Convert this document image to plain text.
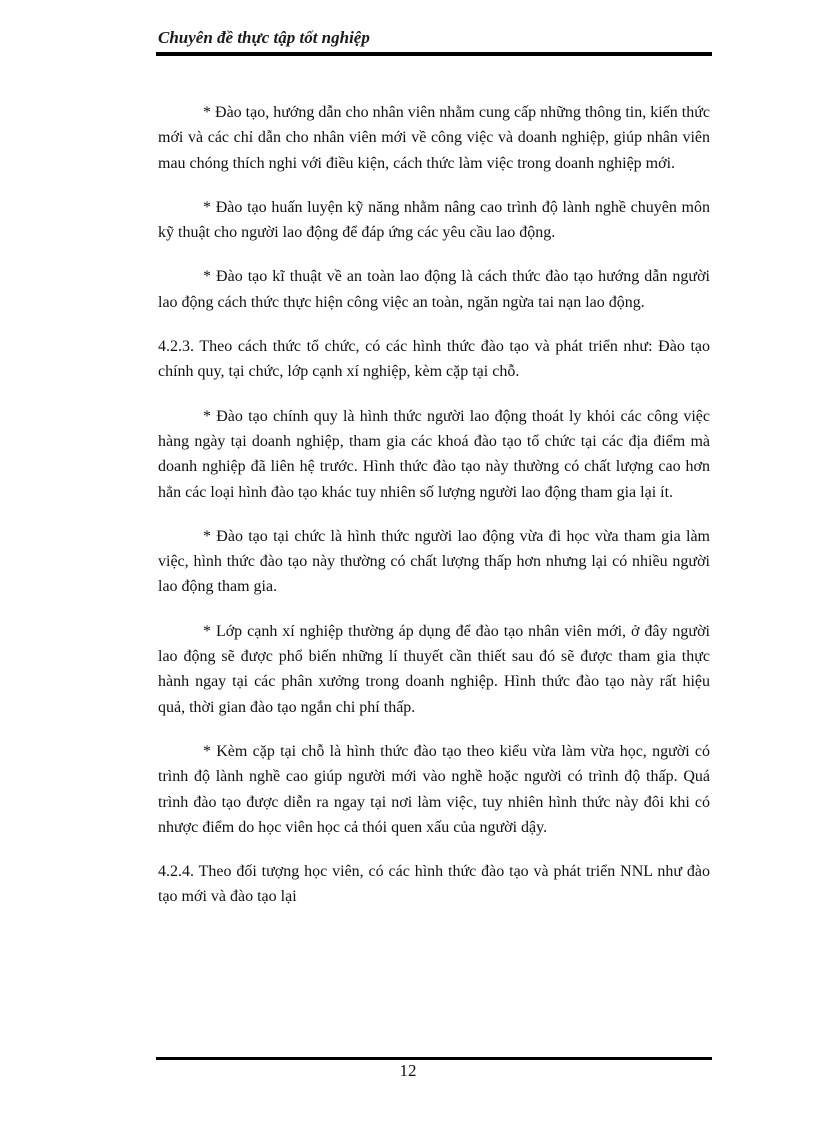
Chuyên đề thực tập tốt nghiệp

* Đào tạo, hướng dẫn cho nhân viên nhằm cung cấp những thông tin, kiến thức mới và các chỉ dẫn cho nhân viên mới về công việc và doanh nghiệp, giúp nhân viên mau chóng thích nghi với điều kiện, cách thức làm việc trong doanh nghiệp mới.

* Đào tạo huấn luyện kỹ năng nhằm nâng cao trình độ lành nghề chuyên môn kỹ thuật cho người lao động để đáp ứng các yêu cầu lao động.

* Đào tạo kĩ thuật về an toàn lao động là cách thức đào tạo hướng dẫn người lao động cách thức thực hiện công việc an toàn, ngăn ngừa tai nạn lao động.

4.2.3. Theo cách thức tổ chức, có các hình thức đào tạo và phát triển như: Đào tạo chính quy, tại chức, lớp cạnh xí nghiệp, kèm cặp tại chỗ.

* Đào tạo chính quy là hình thức người lao động thoát ly khỏi các công việc hàng ngày tại doanh nghiệp, tham gia các khoá đào tạo tổ chức tại các địa điểm mà doanh nghiệp đã liên hệ trước. Hình thức đào tạo này thường có chất lượng cao hơn hẳn các loại hình đào tạo khác tuy nhiên số lượng người lao động tham gia lại ít.

* Đào tạo tại chức là hình thức người lao động vừa đi học vừa tham gia làm việc, hình thức đào tạo này thường có chất lượng thấp hơn nhưng lại có nhiều người lao động tham gia.

* Lớp cạnh xí nghiệp thường áp dụng để đào tạo nhân viên mới, ở đây người lao động sẽ được phổ biến những lí thuyết cần thiết sau đó sẽ được tham gia thực hành ngay tại các phân xưởng trong doanh nghiệp. Hình thức đào tạo này rất hiệu quả, thời gian đào tạo ngắn chi phí thấp.

* Kèm cặp tại chỗ là hình thức đào tạo theo kiểu vừa làm vừa học, người có trình độ lành nghề cao giúp người mới vào nghề hoặc người có trình độ thấp. Quá trình đào tạo được diễn ra ngay tại nơi làm việc, tuy nhiên hình thức này đôi khi có nhược điểm do học viên học cả thói quen xấu của người dậy.

4.2.4. Theo đối tượng học viên, có các hình thức đào tạo và phát triển NNL như đào tạo mới và đào tạo lại

12
